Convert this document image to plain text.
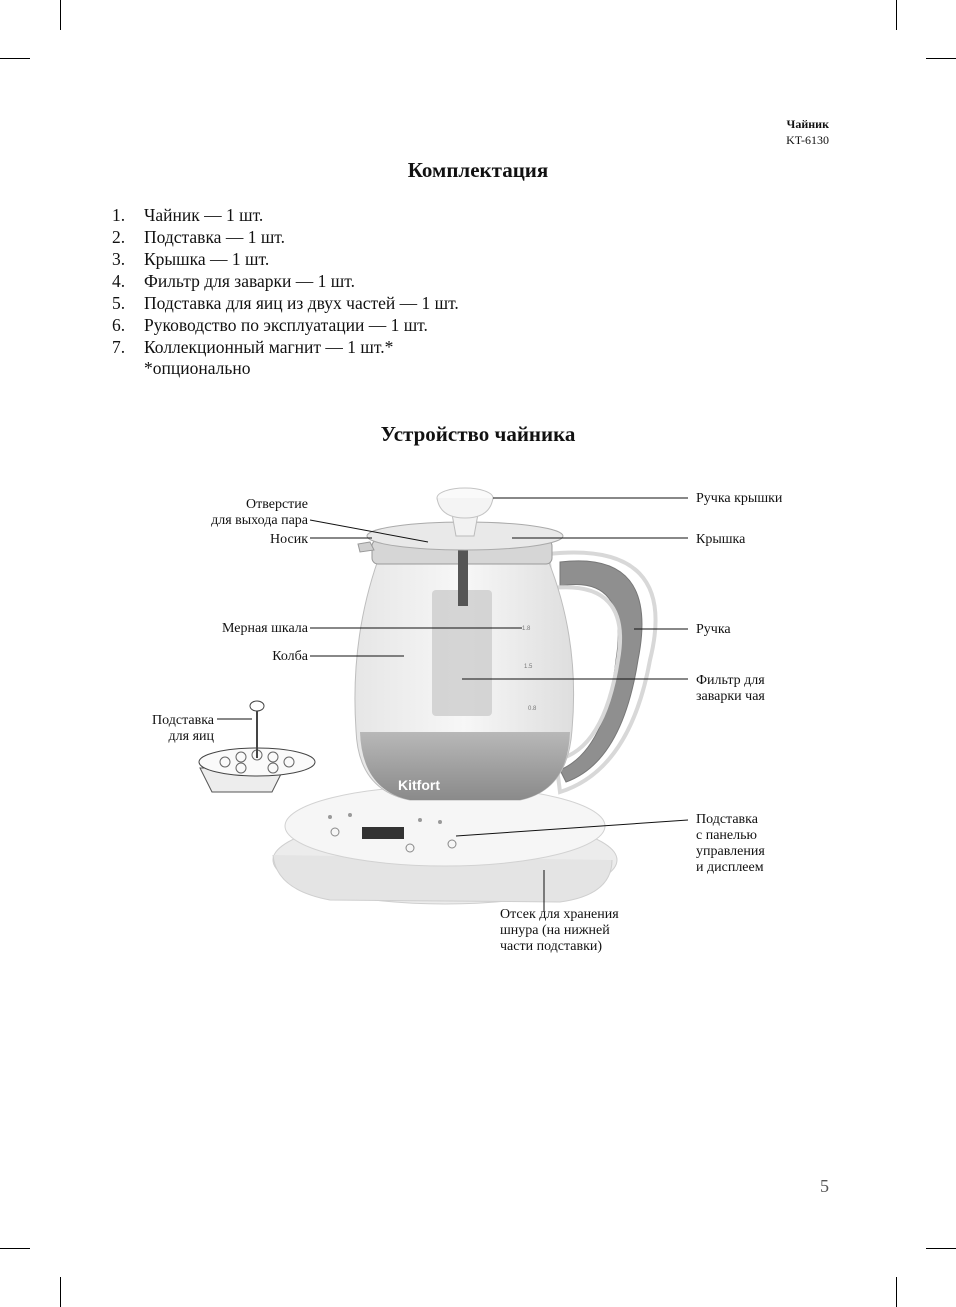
Чайник
KT-6130
Комплектация
1. Чайник — 1 шт.
2. Подставка — 1 шт.
3. Крышка — 1 шт.
4. Фильтр для заварки — 1 шт.
5. Подставка для яиц из двух частей — 1 шт.
6. Руководство по эксплуатации — 1 шт.
7. Коллекционный магнит — 1 шт.*
*опционально
Устройство чайника
Kitfort
1.8
1.5
0.8
Отверстие
для выхода пара
Носик
Мерная шкала
Колба
Подставка
для яиц
Ручка крышки
Крышка
Ручка
Фильтр для
заварки чая
Подставка
с панелью
управления
и дисплеем
Отсек для хранения
шнура (на нижней
части подставки)
5
